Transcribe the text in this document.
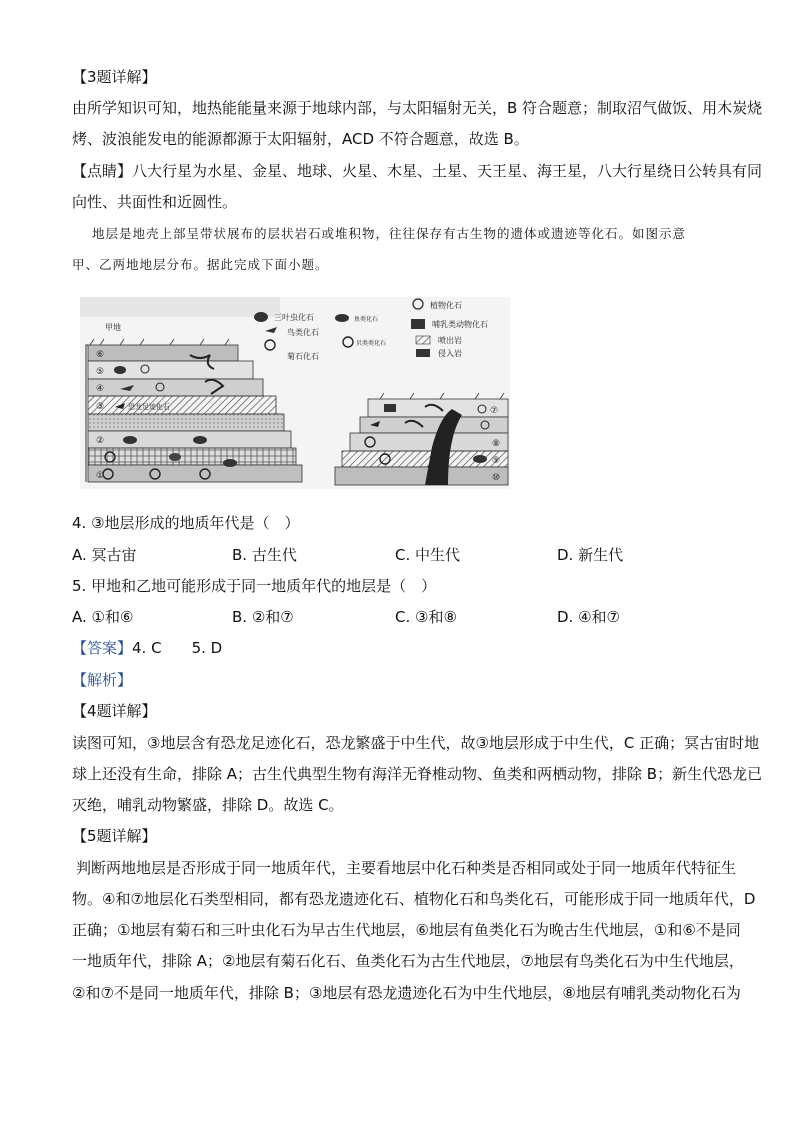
【3题详解】
由所学知识可知，地热能能量来源于地球内部，与太阳辐射无关，B 符合题意；制取沼气做饭、用木炭烧
烤、波浪能发电的能源都源于太阳辐射，ACD 不符合题意，故选 B。
【点睛】八大行星为水星、金星、地球、火星、木星、土星、天王星、海王星，八大行星绕日公转具有同
向性、共面性和近圆性。
地层是地壳上部呈带状展布的层状岩石或堆积物，往往保存有古生物的遗体或遗迹等化石。如图示意
甲、乙两地地层分布。据此完成下面小题。
甲地
⑥
⑤
④
③
②
①
恐龙足迹化石
三叶虫化石
鸟类化石
菊石化石
鱼类化石
贝类类化石
植物化石
哺乳类动物化石
喷出岩
侵入岩
⑦
⑧
⑨
⑩
4. ③地层形成的地质年代是（　）
A. 冥古宙	B. 古生代	C. 中生代	D. 新生代
5. 甲地和乙地可能形成于同一地质年代的地层是（　）
A. ①和⑥	B. ②和⑦	C. ③和⑧	D. ④和⑦
【答案】4. C　　5. D
【解析】
【4题详解】
读图可知，③地层含有恐龙足迹化石，恐龙繁盛于中生代，故③地层形成于中生代，C 正确；冥古宙时地
球上还没有生命，排除 A；古生代典型生物有海洋无脊椎动物、鱼类和两栖动物，排除 B；新生代恐龙已
灭绝，哺乳动物繁盛，排除 D。故选 C。
【5题详解】
判断两地地层是否形成于同一地质年代，主要看地层中化石种类是否相同或处于同一地质年代特征生
物。④和⑦地层化石类型相同，都有恐龙遗迹化石、植物化石和鸟类化石，可能形成于同一地质年代，D
正确；①地层有菊石和三叶虫化石为早古生代地层，⑥地层有鱼类化石为晚古生代地层，①和⑥不是同
一地质年代，排除 A；②地层有菊石化石、鱼类化石为古生代地层，⑦地层有鸟类化石为中生代地层，
②和⑦不是同一地质年代，排除 B；③地层有恐龙遗迹化石为中生代地层，⑧地层有哺乳类动物化石为
